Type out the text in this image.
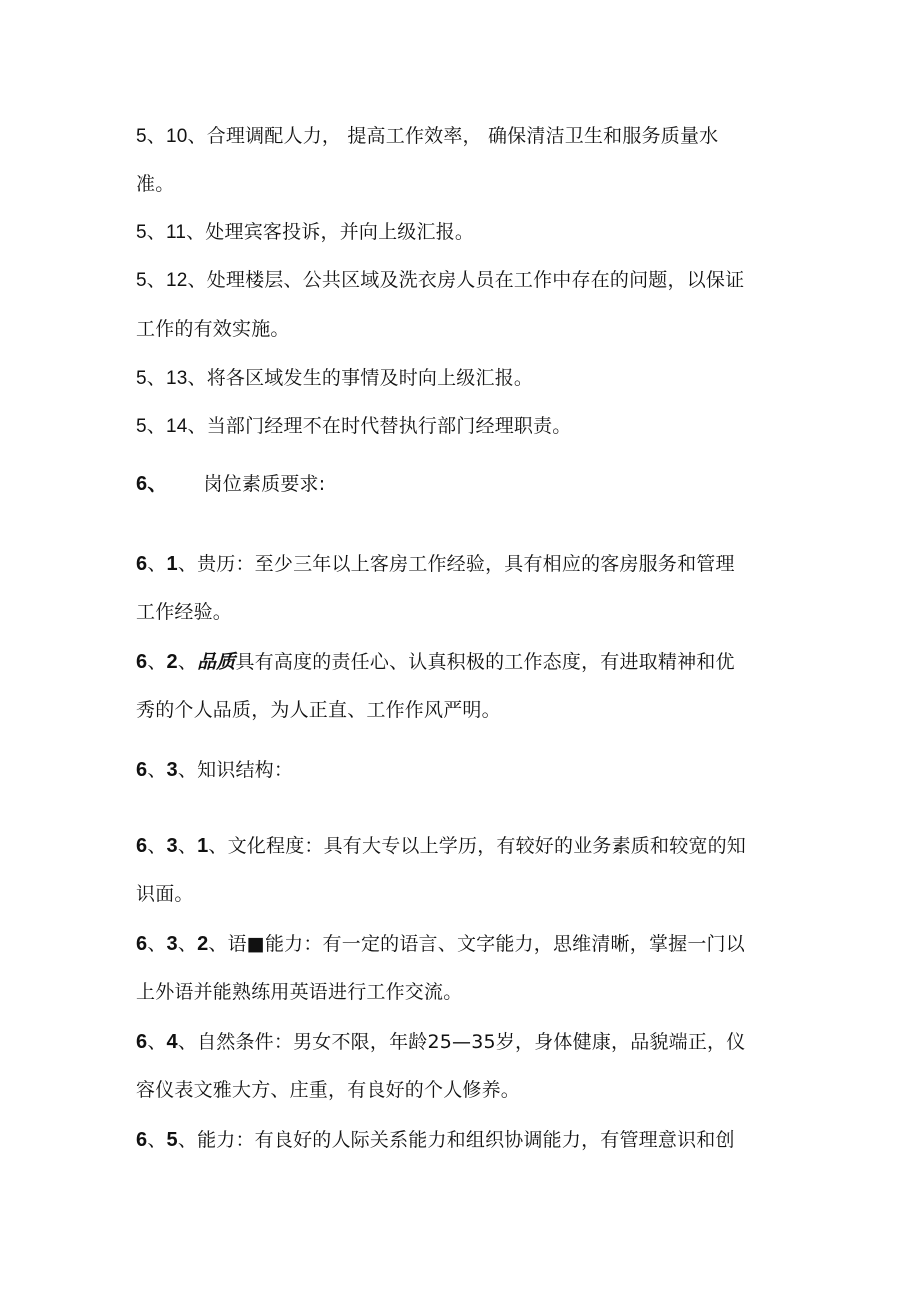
5、10、合理调配人力， 提高工作效率， 确保清洁卫生和服务质量水
准。
5、11、处理宾客投诉，并向上级汇报。
5、12、处理楼层、公共区域及洗衣房人员在工作中存在的问题，以保证
工作的有效实施。
5、13、将各区域发生的事情及时向上级汇报。
5、14、当部门经理不在时代替执行部门经理职责。
6、 岗位素质要求:
6、1、贵历：至少三年以上客房工作经验，具有相应的客房服务和管理
工作经验。
6、2、品质具有高度的责任心、认真积极的工作态度，有进取精神和优
秀的个人品质，为人正直、工作作风严明。
6、3、知识结构：
6、3、1、文化程度：具有大专以上学历，有较好的业务素质和较宽的知
识面。
6、3、2、语■能力：有一定的语言、文字能力，思维清晰，掌握一门以
上外语并能熟练用英语进行工作交流。
6、4、自然条件：男女不限，年龄25—35岁，身体健康，品貌端正，仪
容仪表文雅大方、庄重，有良好的个人修养。
6、5、能力：有良好的人际关系能力和组织协调能力，有管理意识和创
